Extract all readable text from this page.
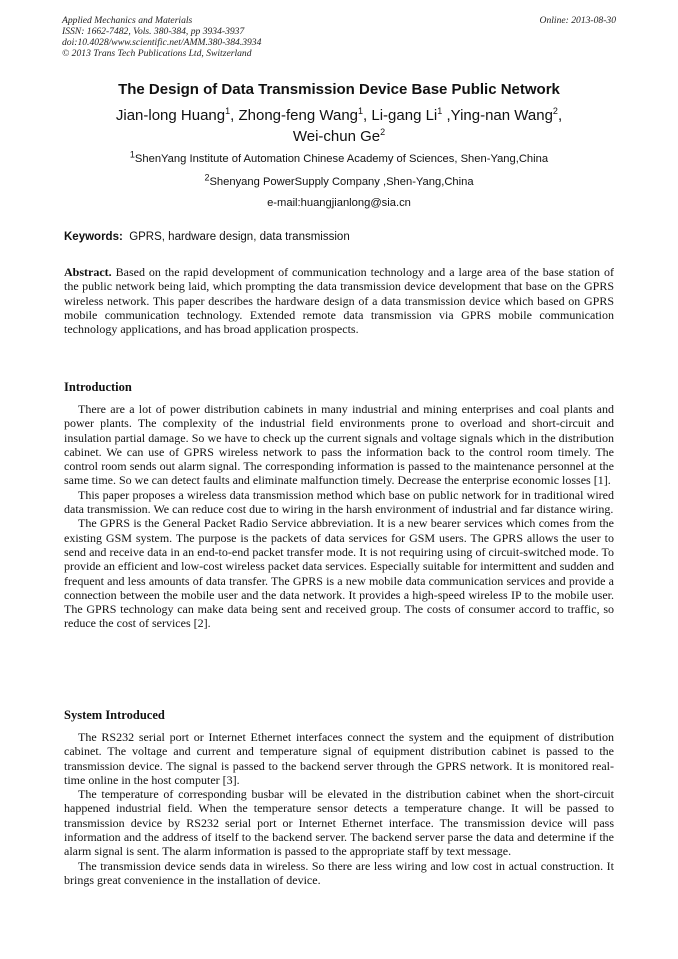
Applied Mechanics and Materials
ISSN: 1662-7482, Vols. 380-384, pp 3934-3937
doi:10.4028/www.scientific.net/AMM.380-384.3934
© 2013 Trans Tech Publications Ltd, Switzerland
Online: 2013-08-30
The Design of Data Transmission Device Base Public Network
Jian-long Huang$^1$, Zhong-feng Wang$^1$, Li-gang Li$^1$ ,Ying-nan Wang$^2$,
Wei-chun Ge$^2$
$^1$ShenYang Institute of Automation Chinese Academy of Sciences, Shen-Yang,China
$^2$Shenyang PowerSupply Company ,Shen-Yang,China
e-mail:huangjianlong@sia.cn
Keywords: GPRS, hardware design, data transmission

Abstract. Based on the rapid development of communication technology and a large area of the base station of the public network being laid, which prompting the data transmission device development that base on the GPRS wireless network. This paper describes the hardware design of a data transmission device which based on GPRS mobile communication technology. Extended remote data transmission via GPRS mobile communication technology applications, and has broad application prospects.

Introduction

There are a lot of power distribution cabinets in many industrial and mining enterprises and coal plants and power plants. The complexity of the industrial field environments prone to overload and short-circuit and insulation partial damage. So we have to check up the current signals and voltage signals which in the distribution cabinet. We can use of GPRS wireless network to pass the information back to the control room timely. The control room sends out alarm signal. The corresponding information is passed to the maintenance personnel at the same time. So we can detect faults and eliminate malfunction timely. Decrease the enterprise economic losses [1].

This paper proposes a wireless data transmission method which base on public network for in traditional wired data transmission. We can reduce cost due to wiring in the harsh environment of industrial and far distance wiring.

The GPRS is the General Packet Radio Service abbreviation. It is a new bearer services which comes from the existing GSM system. The purpose is the packets of data services for GSM users. The GPRS allows the user to send and receive data in an end-to-end packet transfer mode. It is not requiring using of circuit-switched mode. To provide an efficient and low-cost wireless packet data services. Especially suitable for intermittent and sudden and frequent and less amounts of data transfer. The GPRS is a new mobile data communication services and provide a connection between the mobile user and the data network. It provides a high-speed wireless IP to the mobile user. The GPRS technology can make data being sent and received group. The costs of consumer accord to traffic, so reduce the cost of services [2].

System Introduced

The RS232 serial port or Internet Ethernet interfaces connect the system and the equipment of distribution cabinet. The voltage and current and temperature signal of equipment distribution cabinet is passed to the transmission device. The signal is passed to the backend server through the GPRS network. It is monitored real-time online in the host computer [3].

The temperature of corresponding busbar will be elevated in the distribution cabinet when the short-circuit happened industrial field. When the temperature sensor detects a temperature change. It will be passed to transmission device by RS232 serial port or Internet Ethernet interface. The transmission device will pass information and the address of itself to the backend server. The backend server parse the data and determine if the alarm signal is sent. The alarm information is passed to the appropriate staff by text message.

The transmission device sends data in wireless. So there are less wiring and low cost in actual construction. It brings great convenience in the installation of device.
